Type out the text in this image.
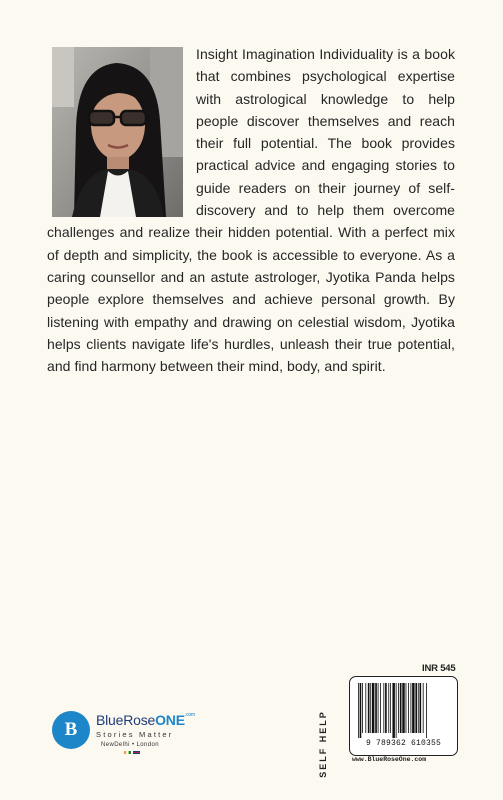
Insight Imagination Individuality is a book that combines psychological expertise with astrological knowledge to help people discover themselves and reach their full potential. The book provides practical advice and engaging stories to guide readers on their journey of self-discovery and to help them overcome challenges and realize their hidden potential. With a perfect mix of depth and simplicity, the book is accessible to everyone. As a caring counsellor and an astute astrologer, Jyotika Panda helps people explore themselves and achieve personal growth. By listening with empathy and drawing on celestial wisdom, Jyotika helps clients navigate life's hurdles, unleash their true potential, and find harmony between their mind, body, and spirit.

B BlueRoseONE$^{.com}$
Stories Matter
NewDelhi • London
INR 545
SELF HELP	9 789362 610355
www.BlueRoseOne.com
